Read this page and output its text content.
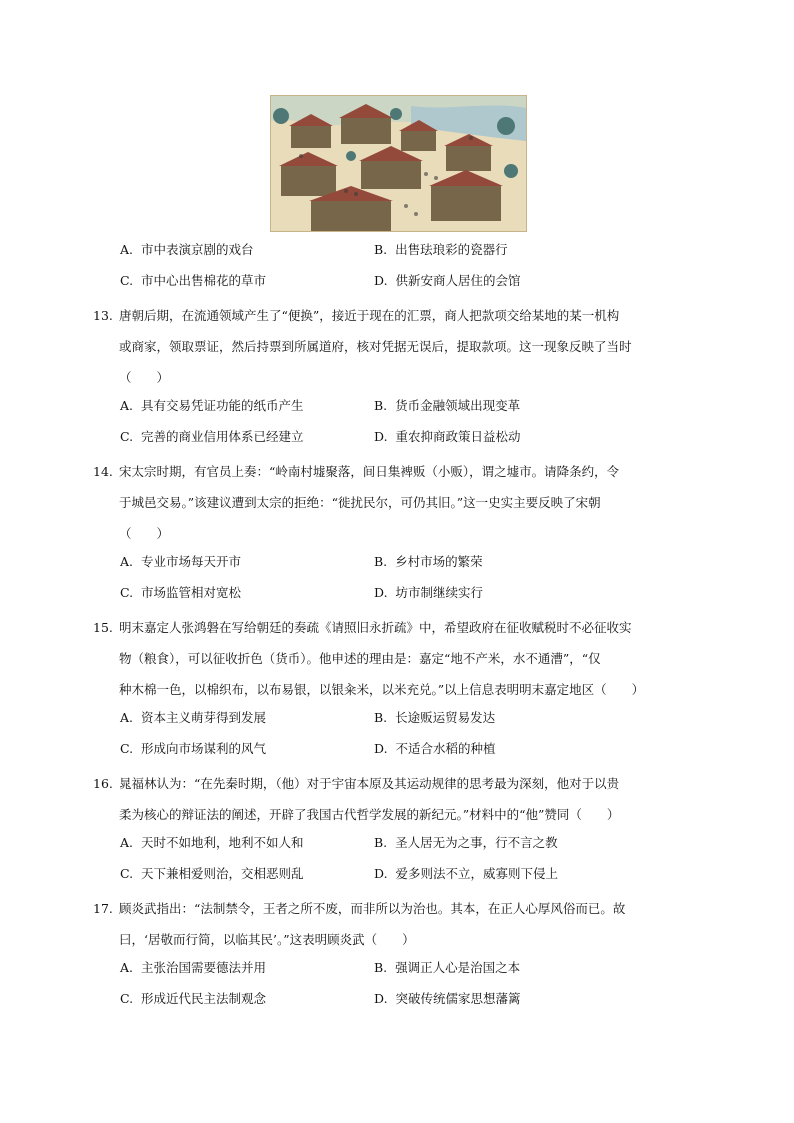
A. 市中表演京剧的戏台	B. 出售珐琅彩的瓷器行
C. 市中心出售棉花的草市	D. 供新安商人居住的会馆
13. 唐朝后期，在流通领域产生了“便换”，接近于现在的汇票，商人把款项交给某地的某一机构
或商家，领取票证，然后持票到所属道府，核对凭据无误后，提取款项。这一现象反映了当时
（　　）
A. 具有交易凭证功能的纸币产生	B. 货币金融领域出现变革
C. 完善的商业信用体系已经建立	D. 重农抑商政策日益松动
14. 宋太宗时期，有官员上奏：“岭南村墟聚落，间日集裨贩（小贩），谓之墟市。请降条约，令
于城邑交易。”该建议遭到太宗的拒绝：“徙扰民尔，可仍其旧。”这一史实主要反映了宋朝
（　　）
A. 专业市场每天开市	B. 乡村市场的繁荣
C. 市场监管相对宽松	D. 坊市制继续实行
15. 明末嘉定人张鸿磐在写给朝廷的奏疏《请照旧永折疏》中，希望政府在征收赋税时不必征收实
物（粮食），可以征收折色（货币）。他申述的理由是：嘉定“地不产米，水不通漕”，“仅
种木棉一色，以棉织布，以布易银，以银籴米，以米充兑。”以上信息表明明末嘉定地区（　　）
A. 资本主义萌芽得到发展	B. 长途贩运贸易发达
C. 形成向市场谋利的风气	D. 不适合水稻的种植
16. 晁福林认为：“在先秦时期，（他）对于宇宙本原及其运动规律的思考最为深刻，他对于以贵
柔为核心的辩证法的阐述，开辟了我国古代哲学发展的新纪元。”材料中的“他”赞同（　　）
A. 天时不如地利，地利不如人和	B. 圣人居无为之事，行不言之教
C. 天下兼相爱则治，交相恶则乱	D. 爱多则法不立，威寡则下侵上
17. 顾炎武指出：“法制禁令，王者之所不废，而非所以为治也。其本，在正人心厚风俗而已。故
曰，‘居敬而行简，以临其民’。”这表明顾炎武（　　）
A. 主张治国需要德法并用	B. 强调正人心是治国之本
C. 形成近代民主法制观念	D. 突破传统儒家思想藩篱
